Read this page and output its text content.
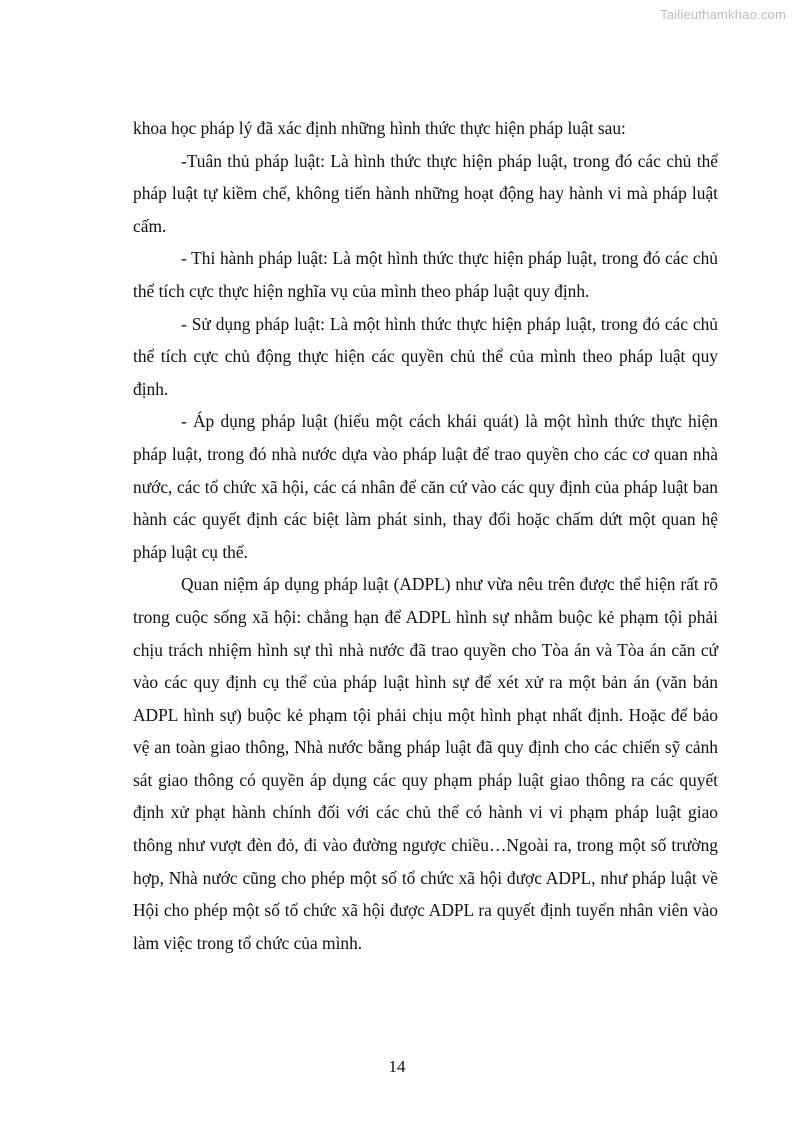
Tailieuthamkhao.com

khoa học pháp lý đã xác định những hình thức thực hiện pháp luật sau:

-Tuân thủ pháp luật: Là hình thức thực hiện pháp luật, trong đó các chủ thể pháp luật tự kiềm chế, không tiến hành những hoạt động hay hành vi mà pháp luật cấm.

- Thi hành pháp luật: Là một hình thức thực hiện pháp luật, trong đó các chủ thể tích cực thực hiện nghĩa vụ của mình theo pháp luật quy định.

- Sử dụng pháp luật: Là một hình thức thực hiện pháp luật, trong đó các chủ thể tích cực chủ động thực hiện các quyền chủ thể của mình theo pháp luật quy định.

- Áp dụng pháp luật (hiểu một cách khái quát) là một hình thức thực hiện pháp luật, trong đó nhà nước dựa vào pháp luật để trao quyền cho các cơ quan nhà nước, các tổ chức xã hội, các cá nhân để căn cứ vào các quy định của pháp luật ban hành các quyết định các biệt làm phát sinh, thay đổi hoặc chấm dứt một quan hệ pháp luật cụ thể.

Quan niệm áp dụng pháp luật (ADPL) như vừa nêu trên được thể hiện rất rõ trong cuộc sống xã hội: chẳng hạn để ADPL hình sự nhằm buộc kẻ phạm tội phải chịu trách nhiệm hình sự thì nhà nước đã trao quyền cho Tòa án và Tòa án căn cứ vào các quy định cụ thể của pháp luật hình sự để xét xử ra một bản án (văn bản ADPL hình sự) buộc kẻ phạm tội phải chịu một hình phạt nhất định. Hoặc để bảo vệ an toàn giao thông, Nhà nước bằng pháp luật đã quy định cho các chiến sỹ cảnh sát giao thông có quyền áp dụng các quy phạm pháp luật giao thông ra các quyết định xử phạt hành chính đối với các chủ thể có hành vi vi phạm pháp luật giao thông như vượt đèn đỏ, đi vào đường ngược chiều…Ngoài ra, trong một số trường hợp, Nhà nước cũng cho phép một số tổ chức xã hội được ADPL, như pháp luật về Hội cho phép một số tổ chức xã hội được ADPL ra quyết định tuyển nhân viên vào làm việc trong tổ chức của mình.

14
